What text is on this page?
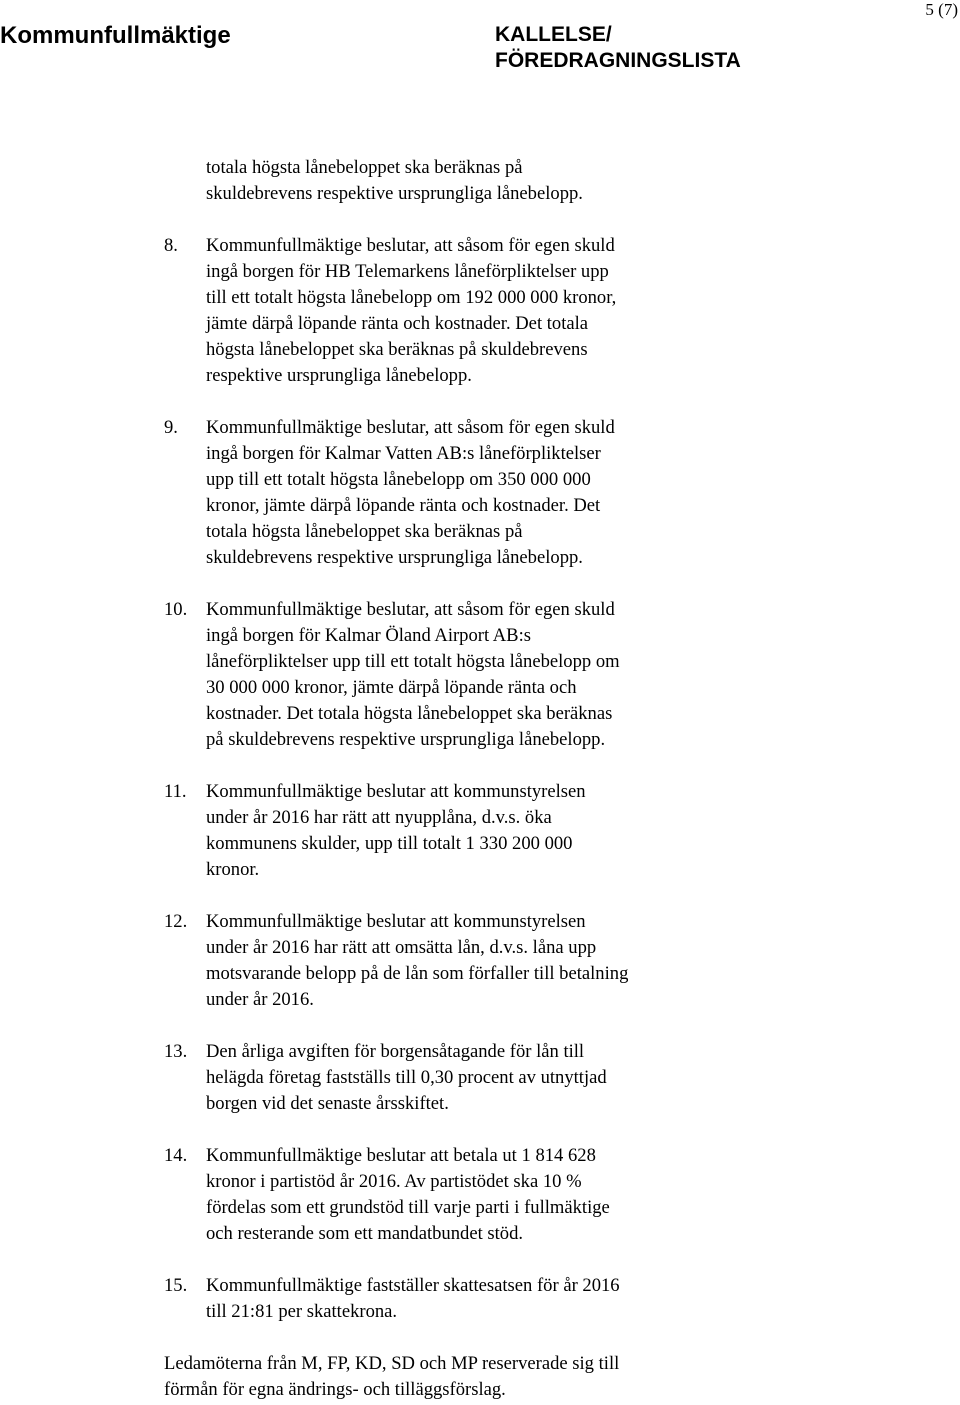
Kommunfullmäktige	KALLELSE/
FÖREDRAGNINGSLISTA
5 (7)
totala högsta lånebeloppet ska beräknas på
skuldebrevens respektive ursprungliga lånebelopp.
8.	Kommunfullmäktige beslutar, att såsom för egen skuld
ingå borgen för HB Telemarkens låneförpliktelser upp
till ett totalt högsta lånebelopp om 192 000 000 kronor,
jämte därpå löpande ränta och kostnader. Det totala
högsta lånebeloppet ska beräknas på skuldebrevens
respektive ursprungliga lånebelopp.
9.	Kommunfullmäktige beslutar, att såsom för egen skuld
ingå borgen för Kalmar Vatten AB:s låneförpliktelser
upp till ett totalt högsta lånebelopp om 350 000 000
kronor, jämte därpå löpande ränta och kostnader. Det
totala högsta lånebeloppet ska beräknas på
skuldebrevens respektive ursprungliga lånebelopp.
10.	Kommunfullmäktige beslutar, att såsom för egen skuld
ingå borgen för Kalmar Öland Airport AB:s
låneförpliktelser upp till ett totalt högsta lånebelopp om
30 000 000 kronor, jämte därpå löpande ränta och
kostnader. Det totala högsta lånebeloppet ska beräknas
på skuldebrevens respektive ursprungliga lånebelopp.
11.	Kommunfullmäktige beslutar att kommunstyrelsen
under år 2016 har rätt att nyupplåna, d.v.s. öka
kommunens skulder, upp till totalt 1 330 200 000
kronor.
12.	Kommunfullmäktige beslutar att kommunstyrelsen
under år 2016 har rätt att omsätta lån, d.v.s. låna upp
motsvarande belopp på de lån som förfaller till betalning
under år 2016.
13.	Den årliga avgiften för borgensåtagande för lån till
helägda företag fastställs till 0,30 procent av utnyttjad
borgen vid det senaste årsskiftet.
14.	Kommunfullmäktige beslutar att betala ut 1 814 628
kronor i partistöd år 2016. Av partistödet ska 10 %
fördelas som ett grundstöd till varje parti i fullmäktige
och resterande som ett mandatbundet stöd.
15.	Kommunfullmäktige fastställer skattesatsen för år 2016
till 21:81 per skattekrona.
Ledamöterna från M, FP, KD, SD och MP reserverade sig till
förmån för egna ändrings- och tilläggsförslag.
